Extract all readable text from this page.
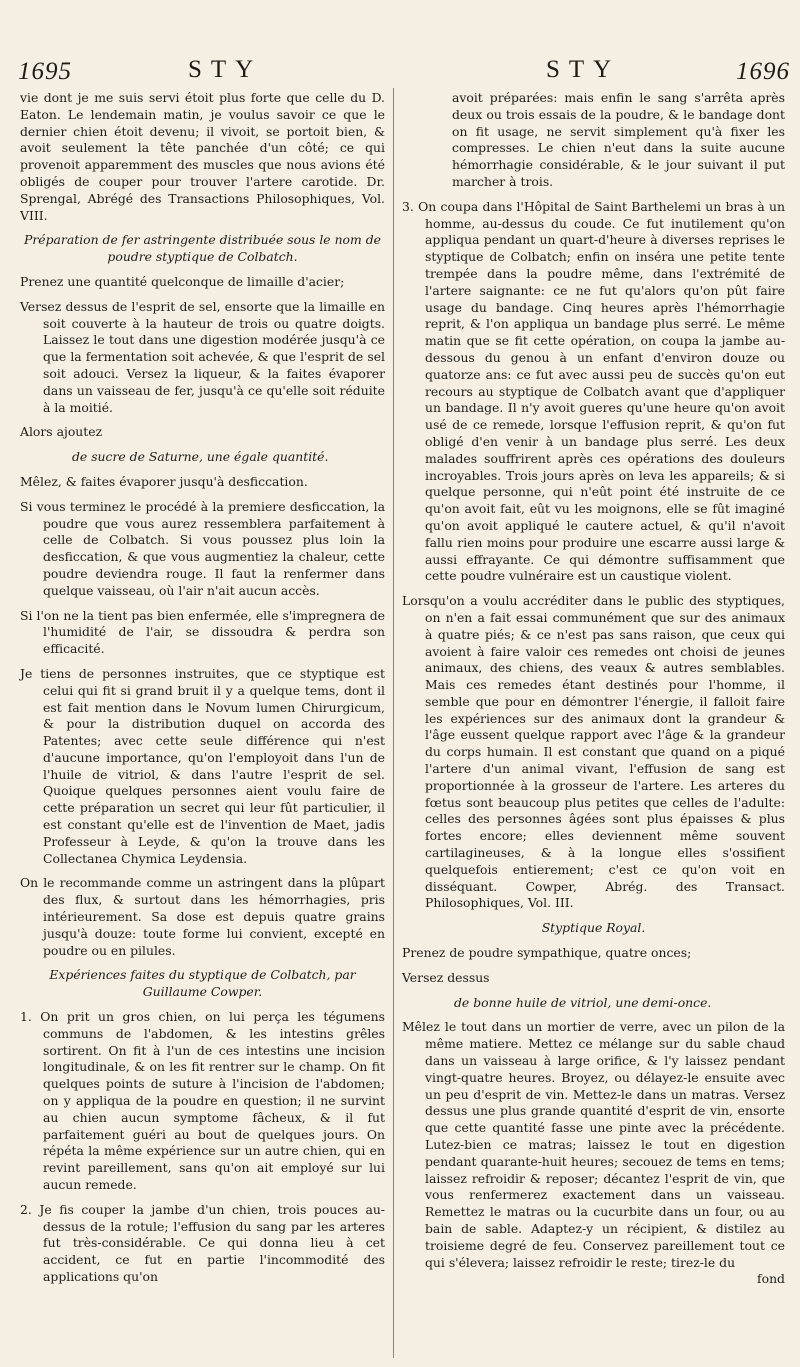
1695	STY	STY	1696

vie dont je me suis servi étoit plus forte que celle du D. Eaton. Le lendemain matin, je voulus savoir ce que le dernier chien étoit devenu; il vivoit, se portoit bien, & avoit seulement la tête panchée d'un côté; ce qui provenoit apparemment des muscles que nous avions été obligés de couper pour trouver l'artere carotide. Dr. Sprengal, Abrégé des Transactions Philosophiques, Vol. VIII.

Préparation de fer astringente distribuée sous le nom de poudre styptique de Colbatch.

Prenez une quantité quelconque de limaille d'acier;

Versez dessus de l'esprit de sel, ensorte que la limaille en soit couverte à la hauteur de trois ou quatre doigts. Laissez le tout dans une digestion modérée jusqu'à ce que la fermentation soit achevée, & que l'esprit de sel soit adouci. Versez la liqueur, & la faites évaporer dans un vaisseau de fer, jusqu'à ce qu'elle soit réduite à la moitié.

Alors ajoutez

de sucre de Saturne, une égale quantité.

Mêlez, & faites évaporer jusqu'à desficcation.

Si vous terminez le procédé à la premiere desficcation, la poudre que vous aurez ressemblera parfaitement à celle de Colbatch. Si vous poussez plus loin la desficcation, & que vous augmentiez la chaleur, cette poudre deviendra rouge. Il faut la renfermer dans quelque vaisseau, où l'air n'ait aucun accès.

Si l'on ne la tient pas bien enfermée, elle s'impregnera de l'humidité de l'air, se dissoudra & perdra son efficacité.

Je tiens de personnes instruites, que ce styptique est celui qui fit si grand bruit il y a quelque tems, dont il est fait mention dans le Novum lumen Chirurgicum, & pour la distribution duquel on accorda des Patentes; avec cette seule différence qui n'est d'aucune importance, qu'on l'employoit dans l'un de l'huile de vitriol, & dans l'autre l'esprit de sel. Quoique quelques personnes aient voulu faire de cette préparation un secret qui leur fût particulier, il est constant qu'elle est de l'invention de Maet, jadis Professeur à Leyde, & qu'on la trouve dans les Collectanea Chymica Leydensia.

On le recommande comme un astringent dans la plûpart des flux, & surtout dans les hémorrhagies, pris intérieurement. Sa dose est depuis quatre grains jusqu'à douze: toute forme lui convient, excepté en poudre ou en pilules.

Expériences faites du styptique de Colbatch, par Guillaume Cowper.

1. On prit un gros chien, on lui perça les tégumens communs de l'abdomen, & les intestins grêles sortirent. On fit à l'un de ces intestins une incision longitudinale, & on les fit rentrer sur le champ. On fit quelques points de suture à l'incision de l'abdomen; on y appliqua de la poudre en question; il ne survint au chien aucun symptome fâcheux, & il fut parfaitement guéri au bout de quelques jours. On répéta la même expérience sur un autre chien, qui en revint pareillement, sans qu'on ait employé sur lui aucun remede.

2. Je fis couper la jambe d'un chien, trois pouces au-dessus de la rotule; l'effusion du sang par les arteres fut très-considérable. Ce qui donna lieu à cet accident, ce fut en partie l'incommodité des applications qu'on

avoit préparées: mais enfin le sang s'arrêta après deux ou trois essais de la poudre, & le bandage dont on fit usage, ne servit simplement qu'à fixer les compresses. Le chien n'eut dans la suite aucune hémorrhagie considérable, & le jour suivant il put marcher à trois.

3. On coupa dans l'Hôpital de Saint Barthelemi un bras à un homme, au-dessus du coude. Ce fut inutilement qu'on appliqua pendant un quart-d'heure à diverses reprises le styptique de Colbatch; enfin on inséra une petite tente trempée dans la poudre même, dans l'extrémité de l'artere saignante: ce ne fut qu'alors qu'on pût faire usage du bandage. Cinq heures après l'hémorrhagie reprit, & l'on appliqua un bandage plus serré. Le même matin que se fit cette opération, on coupa la jambe au-dessous du genou à un enfant d'environ douze ou quatorze ans: ce fut avec aussi peu de succès qu'on eut recours au styptique de Colbatch avant que d'appliquer un bandage. Il n'y avoit gueres qu'une heure qu'on avoit usé de ce remede, lorsque l'effusion reprit, & qu'on fut obligé d'en venir à un bandage plus serré. Les deux malades souffrirent après ces opérations des douleurs incroyables. Trois jours après on leva les appareils; & si quelque personne, qui n'eût point été instruite de ce qu'on avoit fait, eût vu les moignons, elle se fût imaginé qu'on avoit appliqué le cautere actuel, & qu'il n'avoit fallu rien moins pour produire une escarre aussi large & aussi effrayante. Ce qui démontre suffisamment que cette poudre vulnéraire est un caustique violent.

Lorsqu'on a voulu accréditer dans le public des styptiques, on n'en a fait essai communément que sur des animaux à quatre piés; & ce n'est pas sans raison, que ceux qui avoient à faire valoir ces remedes ont choisi de jeunes animaux, des chiens, des veaux & autres semblables. Mais ces remedes étant destinés pour l'homme, il semble que pour en démontrer l'énergie, il falloit faire les expériences sur des animaux dont la grandeur & l'âge eussent quelque rapport avec l'âge & la grandeur du corps humain. Il est constant que quand on a piqué l'artere d'un animal vivant, l'effusion de sang est proportionnée à la grosseur de l'artere. Les arteres du fœtus sont beaucoup plus petites que celles de l'adulte: celles des personnes âgées sont plus épaisses & plus fortes encore; elles deviennent même souvent cartilagineuses, & à la longue elles s'ossifient quelquefois entierement; c'est ce qu'on voit en disséquant. Cowper, Abrég. des Transact. Philosophiques, Vol. III.

Styptique Royal.

Prenez de poudre sympathique, quatre onces;

Versez dessus

de bonne huile de vitriol, une demi-once.

Mêlez le tout dans un mortier de verre, avec un pilon de la même matiere. Mettez ce mélange sur du sable chaud dans un vaisseau à large orifice, & l'y laissez pendant vingt-quatre heures. Broyez, ou délayez-le ensuite avec un peu d'esprit de vin. Mettez-le dans un matras. Versez dessus une plus grande quantité d'esprit de vin, ensorte que cette quantité fasse une pinte avec la précédente. Lutez-bien ce matras; laissez le tout en digestion pendant quarante-huit heures; secouez de tems en tems; laissez refroidir & reposer; décantez l'esprit de vin, que vous renfermerez exactement dans un vaisseau. Remettez le matras ou la cucurbite dans un four, ou au bain de sable. Adaptez-y un récipient, & distilez au troisieme degré de feu. Conservez pareillement tout ce qui s'élevera; laissez refroidir le reste; tirez-le du

fond
